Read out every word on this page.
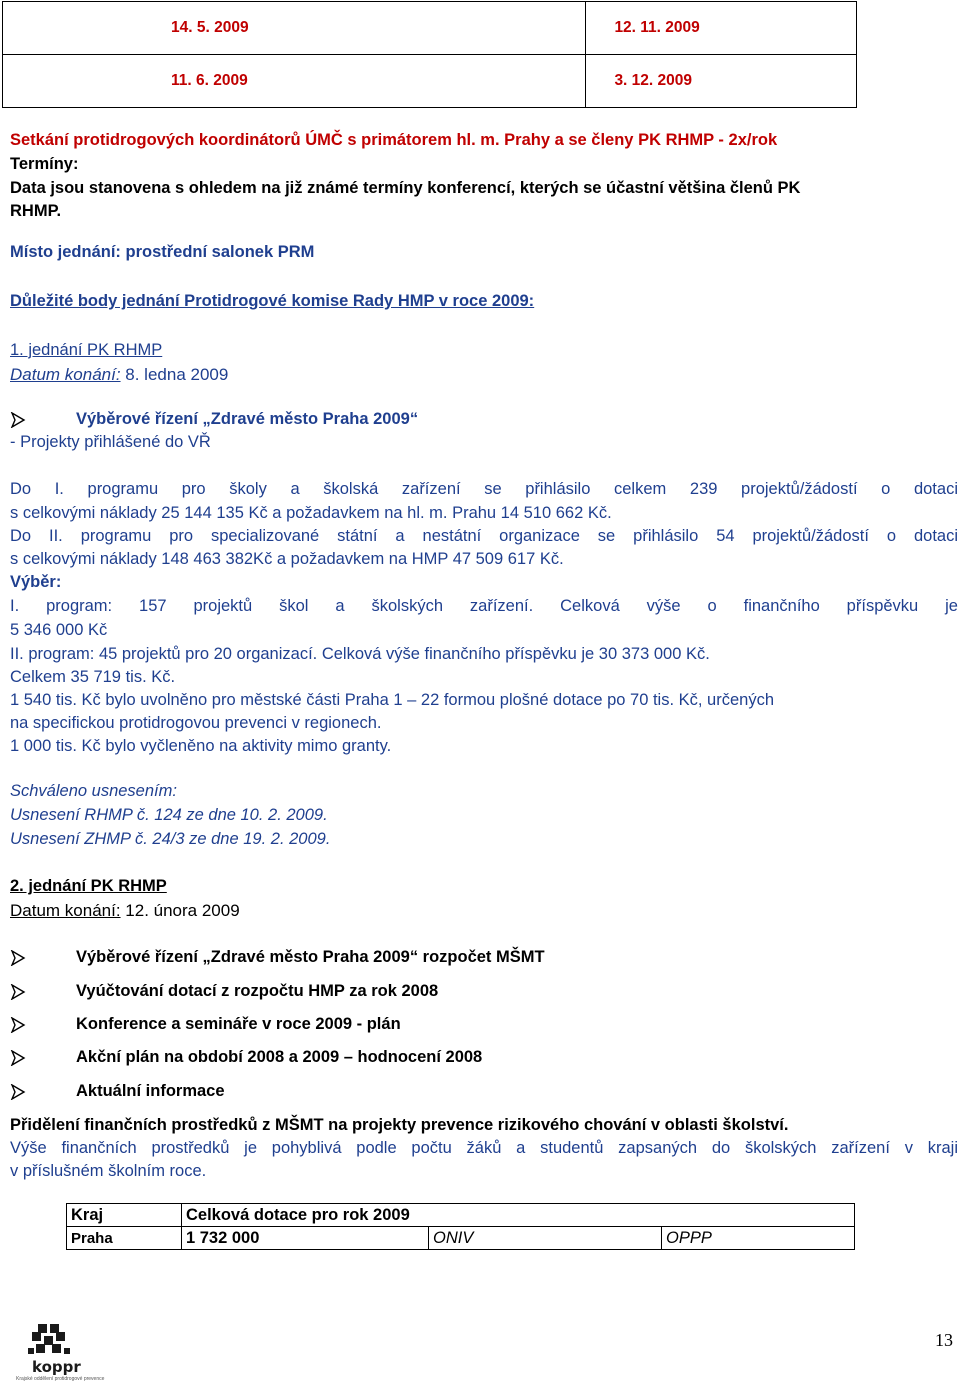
14. 5. 2009	12. 11. 2009
11. 6. 2009	3. 12. 2009
Setkání protidrogových koordinátorů ÚMČ s primátorem hl. m. Prahy a se členy PK RHMP - 2x/rok
Termíny:
Data jsou stanovena s ohledem na již známé termíny konferencí, kterých se účastní většina členů PK
RHMP.
Místo jednání: prostřední salonek PRM
Důležité body jednání Protidrogové komise Rady HMP v roce 2009:
1. jednání PK RHMP
Datum konání: 8. ledna 2009
Výběrové řízení „Zdravé město Praha 2009“
- Projekty přihlášené do VŘ
Do I. programu pro školy a školská zařízení se přihlásilo celkem 239 projektů/žádostí o dotaci
s celkovými náklady 25 144 135 Kč a požadavkem na hl. m. Prahu 14 510 662 Kč.
Do II. programu pro specializované státní a nestátní organizace se přihlásilo 54 projektů/žádostí o dotaci
s celkovými náklady 148 463 382Kč a požadavkem na HMP 47 509 617 Kč.
Výběr:
I. program: 157 projektů škol a školských zařízení. Celková výše o finančního příspěvku je
5 346 000 Kč
II. program: 45 projektů pro 20 organizací. Celková výše finančního příspěvku je 30 373 000 Kč.
Celkem 35 719 tis. Kč.
1 540 tis. Kč bylo uvolněno pro městské části Praha 1 – 22 formou plošné dotace po 70 tis. Kč, určených
na specifickou protidrogovou prevenci v regionech.
1 000 tis. Kč bylo vyčleněno na aktivity mimo granty.
Schváleno usnesením:
Usnesení RHMP č. 124 ze dne 10. 2. 2009.
Usnesení ZHMP č. 24/3 ze dne 19. 2. 2009.
2. jednání PK RHMP
Datum konání: 12. února 2009
Výběrové řízení „Zdravé město Praha 2009“ rozpočet MŠMT
Vyúčtování dotací z rozpočtu HMP za rok 2008
Konference a semináře v roce 2009 - plán
Akční plán na období 2008 a 2009 – hodnocení 2008
Aktuální informace
Přidělení finančních prostředků z MŠMT na projekty prevence rizikového chování v oblasti školství.
Výše finančních prostředků je pohyblivá podle počtu žáků a studentů zapsaných do školských zařízení v kraji
v příslušném školním roce.
Kraj	Celková dotace pro rok 2009		
Praha	1 732 000	ONIV	OPPP
koppr
Krajské oddělení protidrogové prevence
13
